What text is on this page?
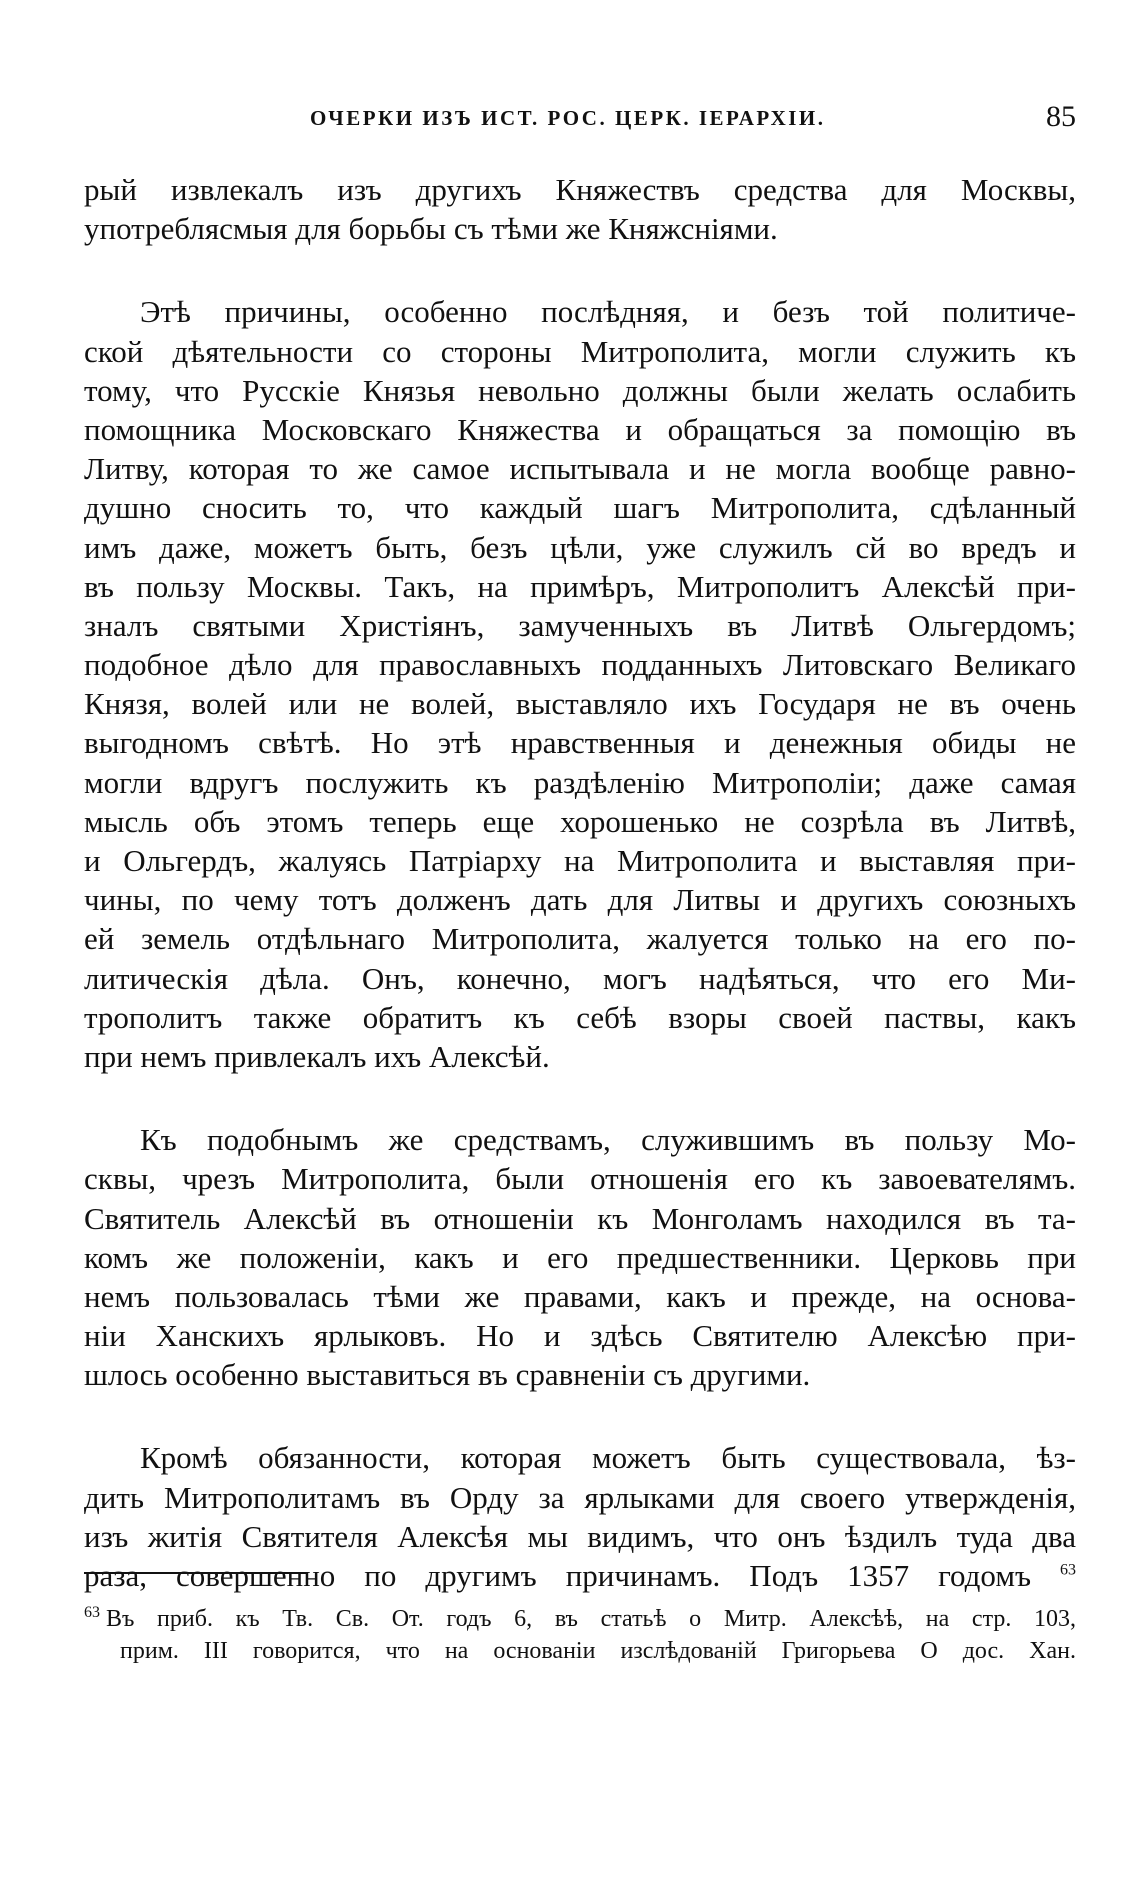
ОЧЕРКИ ИЗЪ ИСТ. РОС. ЦЕРК. ІЕРАРХІИ.	85
рый извлекалъ изъ другихъ Княжествъ средства для Москвы,
употреблясмыя для борьбы съ тѣми же Княжсніями.
Этѣ причины, особенно послѣдняя, и безъ той политиче-
ской дѣятельности со стороны Митрополита, могли служить къ
тому, что Русскіе Князья невольно должны были желать ослабить
помощника Московскаго Княжества и обращаться за помощію въ
Литву, которая то же самое испытывала и не могла вообще равно-
душно сносить то, что каждый шагъ Митрополита, сдѣланный
имъ даже, можетъ быть, безъ цѣли, уже служилъ сй во вредъ и
въ пользу Москвы. Такъ, на примѣръ, Митрополитъ Алексѣй при-
зналъ святыми Христіянъ, замученныхъ въ Литвѣ Ольгердомъ;
подобное дѣло для православныхъ подданныхъ Литовскаго Великаго
Князя, волей или не волей, выставляло ихъ Государя не въ очень
выгодномъ свѣтѣ. Но этѣ нравственныя и денежныя обиды не
могли вдругъ послужить къ раздѣленію Митрополіи; даже самая
мысль объ этомъ теперь еще хорошенько не созрѣла въ Литвѣ,
и Ольгердъ, жалуясь Патріарху на Митрополита и выставляя при-
чины, по чему тотъ долженъ дать для Литвы и другихъ союзныхъ
ей земель отдѣльнаго Митрополита, жалуется только на его по-
литическія дѣла. Онъ, конечно, могъ надѣяться, что его Ми-
трополитъ также обратитъ къ себѣ взоры своей паствы, какъ
при немъ привлекалъ ихъ Алексѣй.
Къ подобнымъ же средствамъ, служившимъ въ пользу Мо-
сквы, чрезъ Митрополита, были отношенія его къ завоевателямъ.
Святитель Алексѣй въ отношеніи къ Монголамъ находился въ та-
комъ же положеніи, какъ и его предшественники. Церковь при
немъ пользовалась тѣми же правами, какъ и прежде, на основа-
ніи Ханскихъ ярлыковъ. Но и здѣсь Святителю Алексѣю при-
шлось особенно выставиться въ сравненіи съ другими.
Кромѣ обязанности, которая можетъ быть существовала, ѣз-
дить Митрополитамъ въ Орду за ярлыками для своего утвержденія,
изъ житія Святителя Алексѣя мы видимъ, что онъ ѣздилъ туда два
раза, совершенно по другимъ причинамъ. Подъ 1357 годомъ $^{63}$
$^{63}$ Въ приб. къ Тв. Св. От. годъ 6, въ статьѣ о Митр. Алексѣѣ, на стр. 103,
прим. III говорится, что на основаніи изслѣдованій Григорьева О дос. Хан.
